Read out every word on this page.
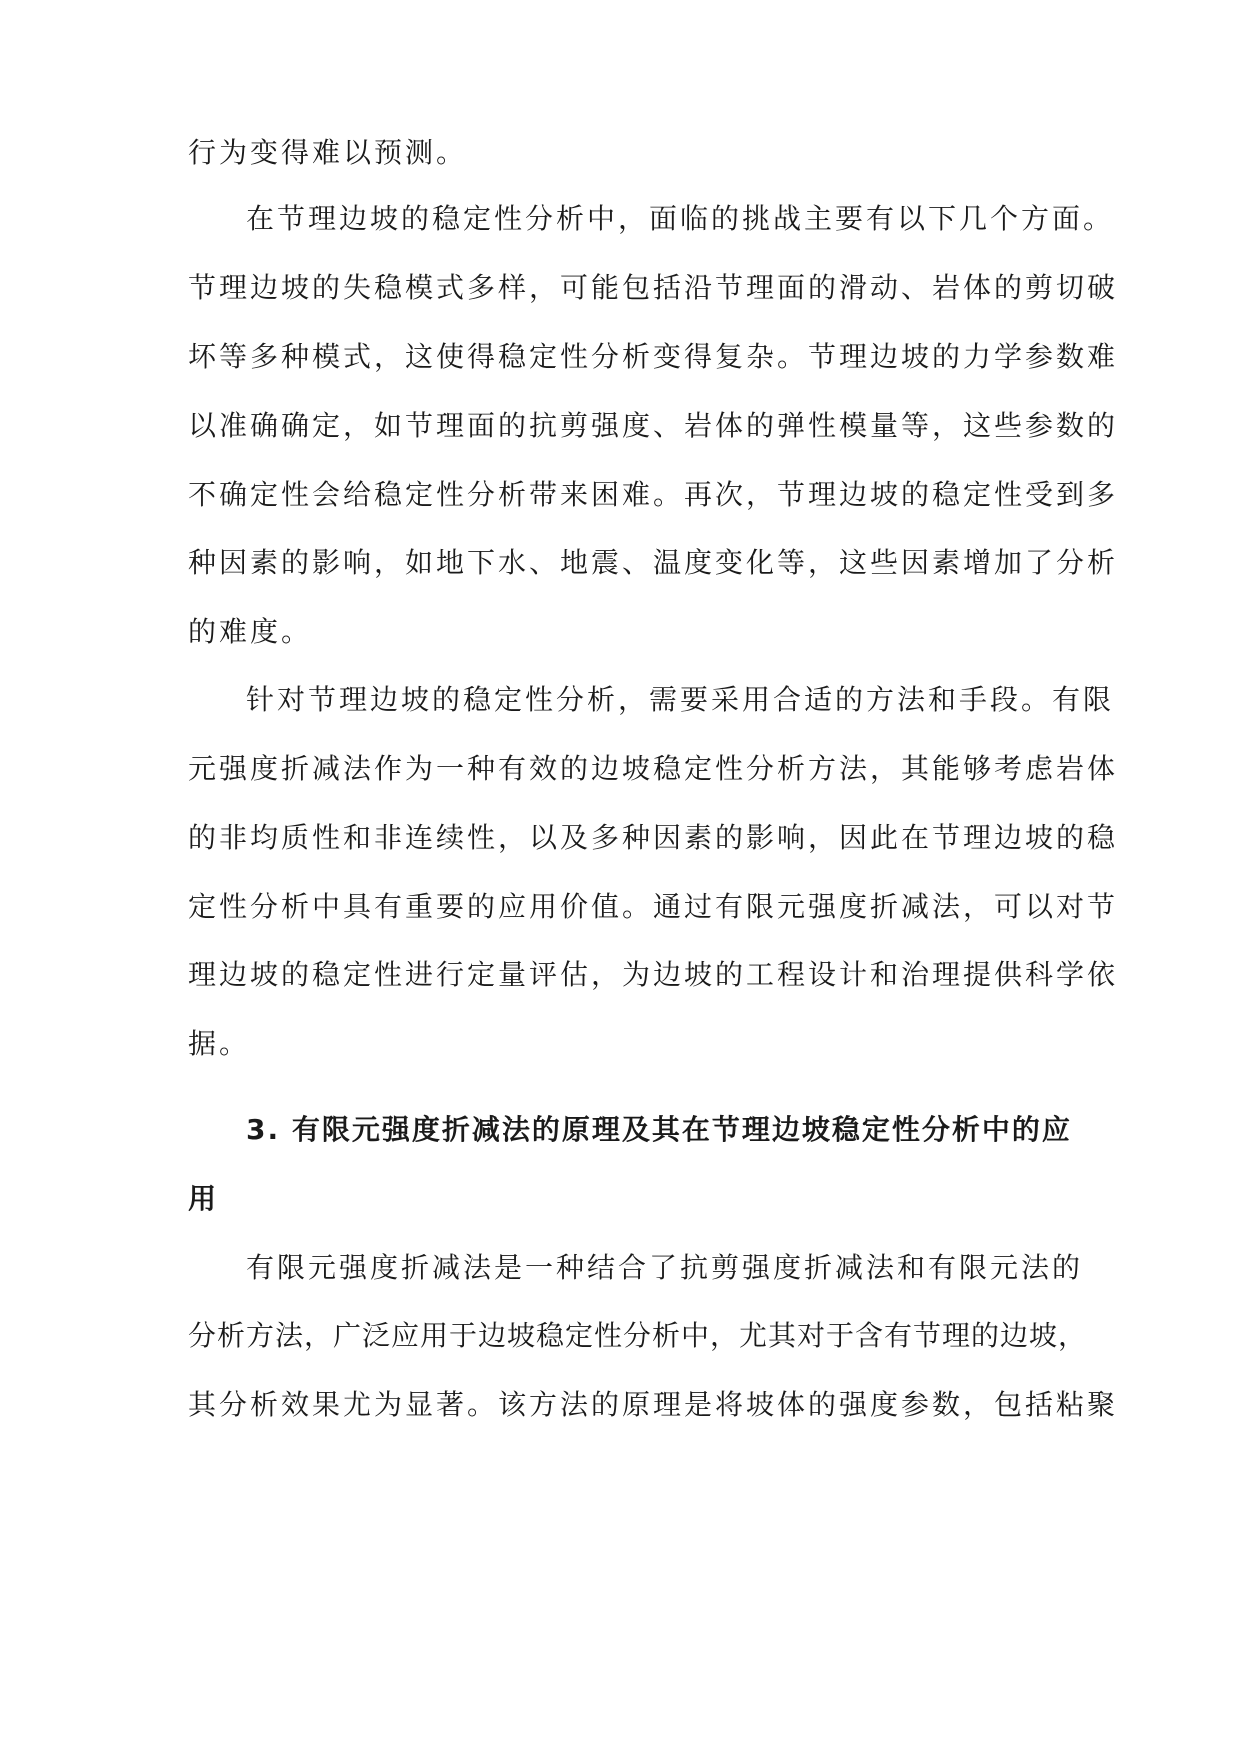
行为变得难以预测。
在节理边坡的稳定性分析中，面临的挑战主要有以下几个方面。
节理边坡的失稳模式多样，可能包括沿节理面的滑动、岩体的剪切破
坏等多种模式，这使得稳定性分析变得复杂。节理边坡的力学参数难
以准确确定，如节理面的抗剪强度、岩体的弹性模量等，这些参数的
不确定性会给稳定性分析带来困难。再次，节理边坡的稳定性受到多
种因素的影响，如地下水、地震、温度变化等，这些因素增加了分析
的难度。
针对节理边坡的稳定性分析，需要采用合适的方法和手段。有限
元强度折减法作为一种有效的边坡稳定性分析方法，其能够考虑岩体
的非均质性和非连续性，以及多种因素的影响，因此在节理边坡的稳
定性分析中具有重要的应用价值。通过有限元强度折减法，可以对节
理边坡的稳定性进行定量评估，为边坡的工程设计和治理提供科学依
据。
3. 有限元强度折减法的原理及其在节理边坡稳定性分析中的应
用
有限元强度折减法是一种结合了抗剪强度折减法和有限元法的
分析方法，广泛应用于边坡稳定性分析中，尤其对于含有节理的边坡，
其分析效果尤为显著。该方法的原理是将坡体的强度参数，包括粘聚
